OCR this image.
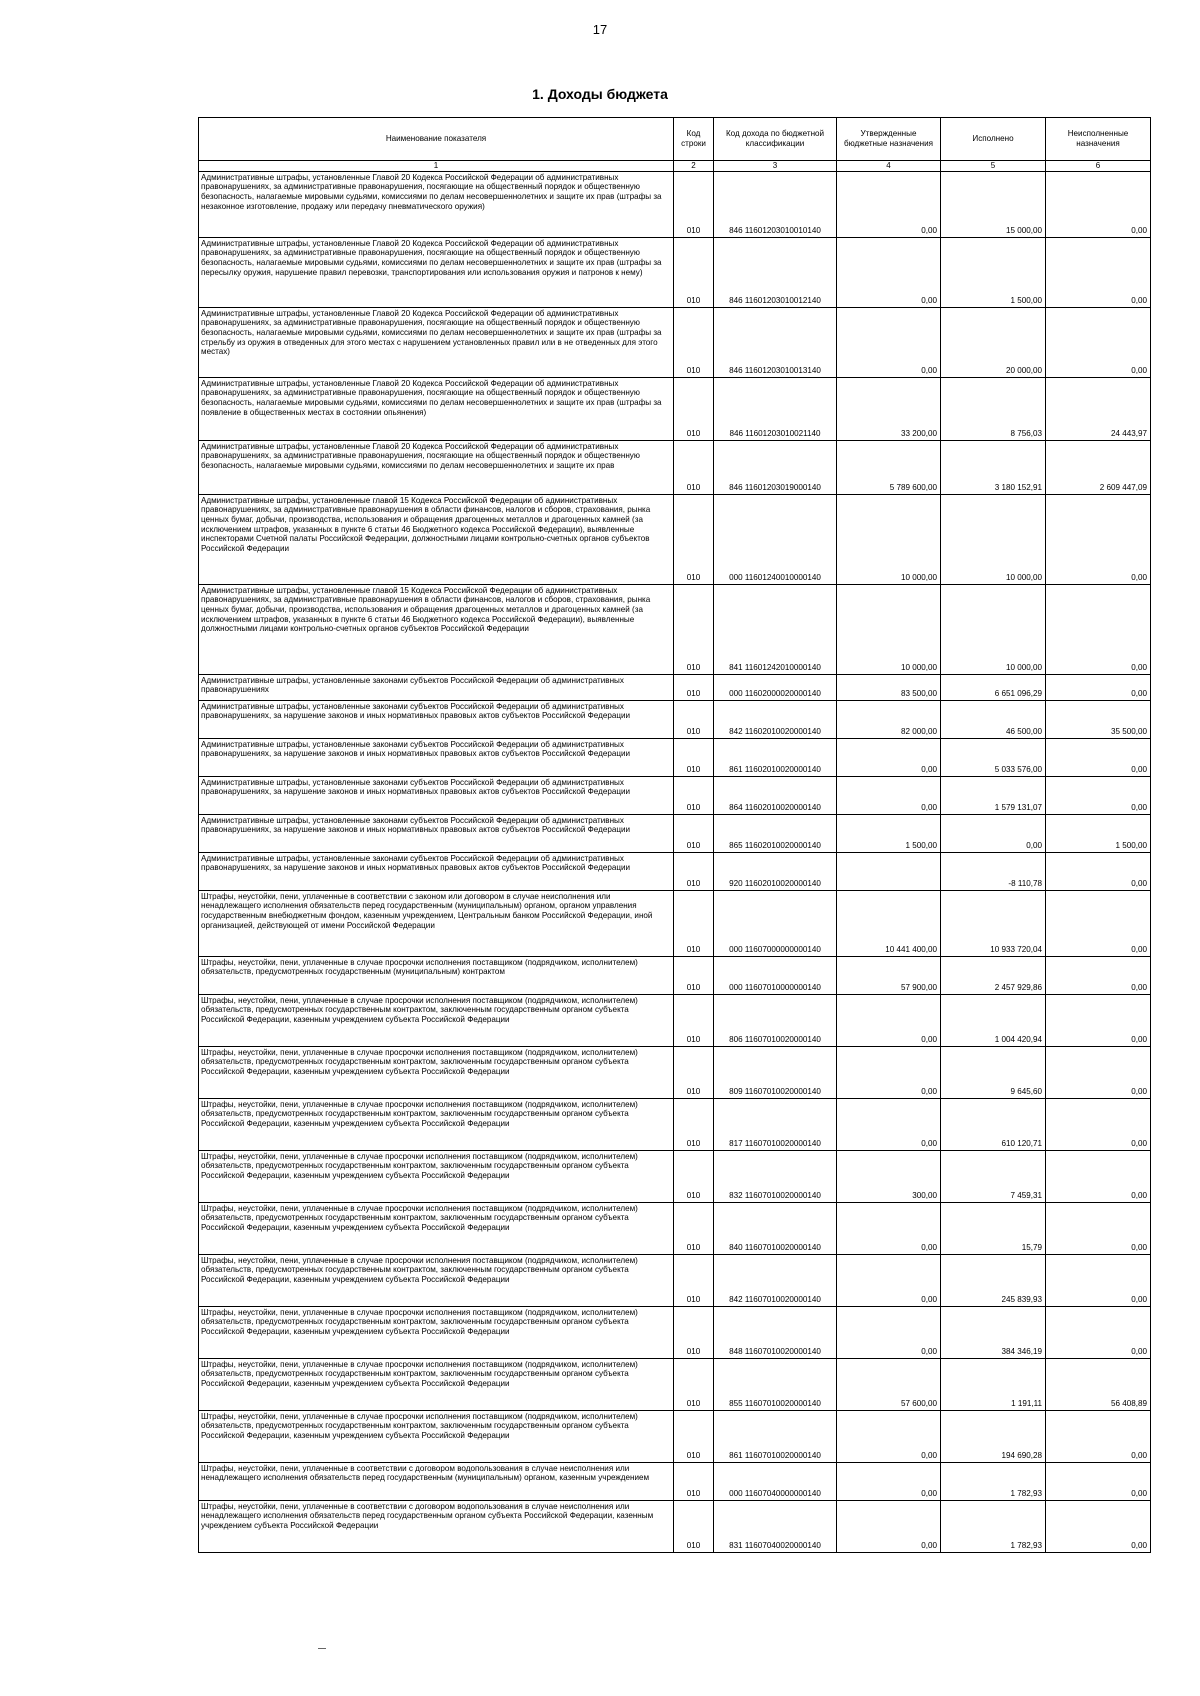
17
1. Доходы бюджета
Наименование показателя	Код строки	Код дохода по бюджетной классификации	Утвержденные бюджетные назначения	Исполнено	Неисполненные назначения
1	2	3	4	5	6
Административные штрафы, установленные Главой 20 Кодекса Российской Федерации об административных правонарушениях, за административные правонарушения, посягающие на общественный порядок и общественную безопасность, налагаемые мировыми судьями, комиссиями по делам несовершеннолетних и защите их прав (штрафы за незаконное изготовление, продажу или передачу пневматического оружия)	010	846 11601203010010140	0,00	15 000,00	0,00
Административные штрафы, установленные Главой 20 Кодекса Российской Федерации об административных правонарушениях, за административные правонарушения, посягающие на общественный порядок и общественную безопасность, налагаемые мировыми судьями, комиссиями по делам несовершеннолетних и защите их прав (штрафы за пересылку оружия, нарушение правил перевозки, транспортирования или использования оружия и патронов к нему)	010	846 11601203010012140	0,00	1 500,00	0,00
Административные штрафы, установленные Главой 20 Кодекса Российской Федерации об административных правонарушениях, за административные правонарушения, посягающие на общественный порядок и общественную безопасность, налагаемые мировыми судьями, комиссиями по делам несовершеннолетних и защите их прав (штрафы за стрельбу из оружия в отведенных для этого местах с нарушением установленных правил или в не отведенных для этого местах)	010	846 11601203010013140	0,00	20 000,00	0,00
Административные штрафы, установленные Главой 20 Кодекса Российской Федерации об административных правонарушениях, за административные правонарушения, посягающие на общественный порядок и общественную безопасность, налагаемые мировыми судьями, комиссиями по делам несовершеннолетних и защите их прав (штрафы за появление в общественных местах в состоянии опьянения)	010	846 11601203010021140	33 200,00	8 756,03	24 443,97
Административные штрафы, установленные Главой 20 Кодекса Российской Федерации об административных правонарушениях, за административные правонарушения, посягающие на общественный порядок и общественную безопасность, налагаемые мировыми судьями, комиссиями по делам несовершеннолетних и защите их прав	010	846 11601203019000140	5 789 600,00	3 180 152,91	2 609 447,09
Административные штрафы, установленные главой 15 Кодекса Российской Федерации об административных правонарушениях, за административные правонарушения в области финансов, налогов и сборов, страхования, рынка ценных бумаг, добычи, производства, использования и обращения драгоценных металлов и драгоценных камней (за исключением штрафов, указанных в пункте 6 статьи 46 Бюджетного кодекса Российской Федерации), выявленные инспекторами Счетной палаты Российской Федерации, должностными лицами контрольно-счетных органов субъектов Российской Федерации	010	000 11601240010000140	10 000,00	10 000,00	0,00
Административные штрафы, установленные главой 15 Кодекса Российской Федерации об административных правонарушениях, за административные правонарушения в области финансов, налогов и сборов, страхования, рынка ценных бумаг, добычи, производства, использования и обращения драгоценных металлов и драгоценных камней (за исключением штрафов, указанных в пункте 6 статьи 46 Бюджетного кодекса Российской Федерации), выявленные должностными лицами контрольно-счетных органов субъектов Российской Федерации	010	841 11601242010000140	10 000,00	10 000,00	0,00
Административные штрафы, установленные законами субъектов Российской Федерации об административных правонарушениях	010	000 11602000020000140	83 500,00	6 651 096,29	0,00
Административные штрафы, установленные законами субъектов Российской Федерации об административных правонарушениях, за нарушение законов и иных нормативных правовых актов субъектов Российской Федерации	010	842 11602010020000140	82 000,00	46 500,00	35 500,00
Административные штрафы, установленные законами субъектов Российской Федерации об административных правонарушениях, за нарушение законов и иных нормативных правовых актов субъектов Российской Федерации	010	861 11602010020000140	0,00	5 033 576,00	0,00
Административные штрафы, установленные законами субъектов Российской Федерации об административных правонарушениях, за нарушение законов и иных нормативных правовых актов субъектов Российской Федерации	010	864 11602010020000140	0,00	1 579 131,07	0,00
Административные штрафы, установленные законами субъектов Российской Федерации об административных правонарушениях, за нарушение законов и иных нормативных правовых актов субъектов Российской Федерации	010	865 11602010020000140	1 500,00	0,00	1 500,00
Административные штрафы, установленные законами субъектов Российской Федерации об административных правонарушениях, за нарушение законов и иных нормативных правовых актов субъектов Российской Федерации	010	920 11602010020000140		-8 110,78	0,00
Штрафы, неустойки, пени, уплаченные в соответствии с законом или договором в случае неисполнения или ненадлежащего исполнения обязательств перед государственным (муниципальным) органом, органом управления государственным внебюджетным фондом, казенным учреждением, Центральным банком Российской Федерации, иной организацией, действующей от имени Российской Федерации	010	000 11607000000000140	10 441 400,00	10 933 720,04	0,00
Штрафы, неустойки, пени, уплаченные в случае просрочки исполнения поставщиком (подрядчиком, исполнителем) обязательств, предусмотренных государственным (муниципальным) контрактом	010	000 11607010000000140	57 900,00	2 457 929,86	0,00
Штрафы, неустойки, пени, уплаченные в случае просрочки исполнения поставщиком (подрядчиком, исполнителем) обязательств, предусмотренных государственным контрактом, заключенным государственным органом субъекта Российской Федерации, казенным учреждением субъекта Российской Федерации	010	806 11607010020000140	0,00	1 004 420,94	0,00
Штрафы, неустойки, пени, уплаченные в случае просрочки исполнения поставщиком (подрядчиком, исполнителем) обязательств, предусмотренных государственным контрактом, заключенным государственным органом субъекта Российской Федерации, казенным учреждением субъекта Российской Федерации	010	809 11607010020000140	0,00	9 645,60	0,00
Штрафы, неустойки, пени, уплаченные в случае просрочки исполнения поставщиком (подрядчиком, исполнителем) обязательств, предусмотренных государственным контрактом, заключенным государственным органом субъекта Российской Федерации, казенным учреждением субъекта Российской Федерации	010	817 11607010020000140	0,00	610 120,71	0,00
Штрафы, неустойки, пени, уплаченные в случае просрочки исполнения поставщиком (подрядчиком, исполнителем) обязательств, предусмотренных государственным контрактом, заключенным государственным органом субъекта Российской Федерации, казенным учреждением субъекта Российской Федерации	010	832 11607010020000140	300,00	7 459,31	0,00
Штрафы, неустойки, пени, уплаченные в случае просрочки исполнения поставщиком (подрядчиком, исполнителем) обязательств, предусмотренных государственным контрактом, заключенным государственным органом субъекта Российской Федерации, казенным учреждением субъекта Российской Федерации	010	840 11607010020000140	0,00	15,79	0,00
Штрафы, неустойки, пени, уплаченные в случае просрочки исполнения поставщиком (подрядчиком, исполнителем) обязательств, предусмотренных государственным контрактом, заключенным государственным органом субъекта Российской Федерации, казенным учреждением субъекта Российской Федерации	010	842 11607010020000140	0,00	245 839,93	0,00
Штрафы, неустойки, пени, уплаченные в случае просрочки исполнения поставщиком (подрядчиком, исполнителем) обязательств, предусмотренных государственным контрактом, заключенным государственным органом субъекта Российской Федерации, казенным учреждением субъекта Российской Федерации	010	848 11607010020000140	0,00	384 346,19	0,00
Штрафы, неустойки, пени, уплаченные в случае просрочки исполнения поставщиком (подрядчиком, исполнителем) обязательств, предусмотренных государственным контрактом, заключенным государственным органом субъекта Российской Федерации, казенным учреждением субъекта Российской Федерации	010	855 11607010020000140	57 600,00	1 191,11	56 408,89
Штрафы, неустойки, пени, уплаченные в случае просрочки исполнения поставщиком (подрядчиком, исполнителем) обязательств, предусмотренных государственным контрактом, заключенным государственным органом субъекта Российской Федерации, казенным учреждением субъекта Российской Федерации	010	861 11607010020000140	0,00	194 690,28	0,00
Штрафы, неустойки, пени, уплаченные в соответствии с договором водопользования в случае неисполнения или ненадлежащего исполнения обязательств перед государственным (муниципальным) органом, казенным учреждением	010	000 11607040000000140	0,00	1 782,93	0,00
Штрафы, неустойки, пени, уплаченные в соответствии с договором водопользования в случае неисполнения или ненадлежащего исполнения обязательств перед государственным органом субъекта Российской Федерации, казенным учреждением субъекта Российской Федерации	010	831 11607040020000140	0,00	1 782,93	0,00
